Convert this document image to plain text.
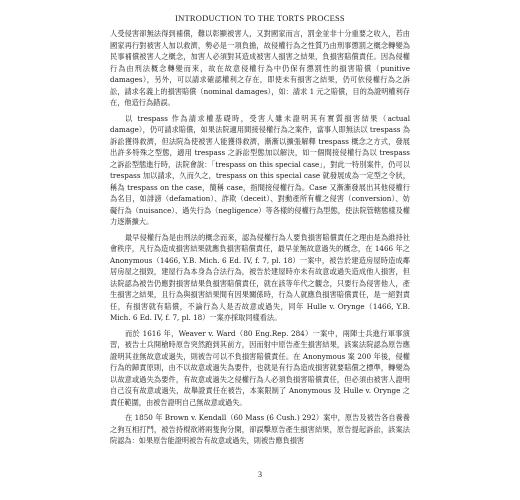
INTRODUCTION TO THE TORTS PROCESS

人受侵害卻無法得到補償，難以彰顯被害人，又對國家而言，罰金並非十分重要之收入，若由國家再行對被害人加以救濟，勢必是一項負擔，故侵權行為之性質乃由刑事懲罰之概念轉變為民事補償被害人之概念，加害人必須對其造成被害人損害之結果，負損害賠償責任。因為侵權行為由刑法概念轉變而來，故在故意侵權行為中仍保有懲罰性的損害賠償（punitive damages），另外，可以請求確認權利之存在，即使未有損害之結果，仍可依侵權行為之訴訟，請求名義上的損害賠償（nominal damages），如：請求 1 元之賠償，目的為證明權利存在，他造行為錯誤。

以 trespass 作為請求權基礎時，受害人雖未證明其有實質損害結果（actual damage），仍可請求賠償，如果法院適用間接侵權行為之案件，當事人即無法以 trespass 為訴訟獲得救濟，但法院為使被害人能獲得救濟，漸漸以擴張解釋 trespass 概念之方式，發展出許多特殊之型態，適用 trespass 之訴訟型態加以解決，如一個間接侵權行為以 trespass 之訴訟型態進行時，法院會說：「trespass on this special case」，對此一特別案件，仍可以 trespass 加以請求，久而久之，trespass on this special case 就發展成為一定型之令狀，稱為 trespass on the case，簡稱 case，指間接侵權行為。Case 又漸漸發展出其他侵權行為名目，如誹謗（defamation）、詐欺（deceit）、對動產所有權之侵害（conversion）、妨礙行為（nuisance）、過失行為（negligence）等各樣的侵權行為型態，使法院管轄態樣及權力逐漸擴大。

最早侵權行為是由刑法的概念而來，認為侵權行為人要負損害賠償責任之理由是為維持社會秩序，凡行為造成損害結果就應負損害賠償責任，最早並無故意過失的概念，在 1466 年之 Anonymous（1466, Y.B. Mich. 6 Ed. IV, f. 7, pl. 18）一案中，被告於建造房屋時造成鄰居房屋之損毀，建屋行為本身為合法行為，被告於建屋時亦未有故意或過失造成他人損害，但法院認為被告仍應對損害結果負損害賠償責任，就在該等年代之觀念，只要行為侵害他人，產生損害之結果，且行為與損害結果間有因果關係時，行為人就應負損害賠償責任，是一絕對責任，有損害就有賠償，不論行為人是否故意或過失，同年 Hulle v. Orynge（1466, Y.B. Mich. 6 Ed. IV, f. 7, pl. 18）一案亦採取同樣看法。

而於 1616 年，Weaver v. Ward（80 Eng.Rep. 284）一案中，兩陣士兵進行軍事演習，被告士兵開槍時原告突然跑到其前方，因而射中原告產生損害結果，該案法院認為原告應證明其並無故意或過失，則被告可以不負損害賠償責任。在 Anonymous 案 200 年後，侵權行為的歸責原則，由不以故意或過失為要件，也就是有行為造成損害就要賠償之標準，轉變為以故意或過失為要件，有故意或過失之侵權行為人必須負損害賠償責任，但必須由被害人證明自己沒有故意或過失，故舉證責任在被告，本案限制了 Anonymous 及 Hulle v. Orynge 之責任範圍，由被告證明自己無故意或過失。

在 1850 年 Brown v. Kendall（60 Mass (6 Cush.) 292）案中，原告及被告各自養養之狗互相打鬥，被告持棍欲將兩隻狗分開，卻誤擊原告產生損害結果，原告提起訴訟，該案法院認為：如果原告能證明被告有故意或過失，則被告應負損害

3
